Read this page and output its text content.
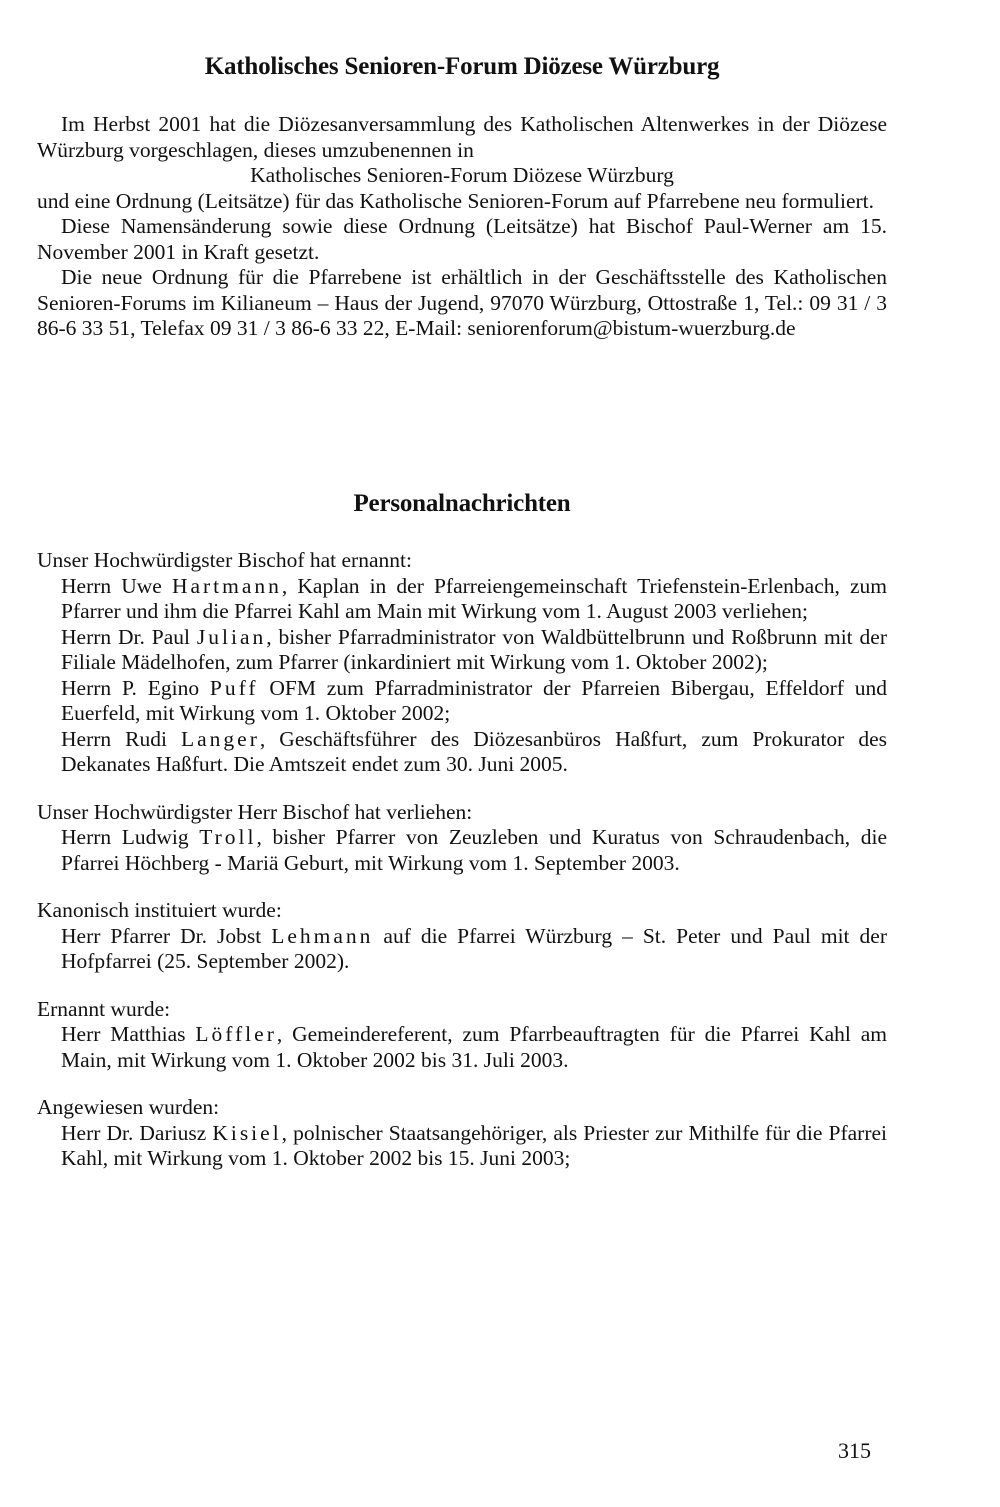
Katholisches Senioren-Forum Diözese Würzburg

Im Herbst 2001 hat die Diözesanversammlung des Katholischen Altenwerkes in der Diözese Würzburg vorgeschlagen, dieses umzubenennen in

Katholisches Senioren-Forum Diözese Würzburg

und eine Ordnung (Leitsätze) für das Katholische Senioren-Forum auf Pfarrebene neu formuliert.

Diese Namensänderung sowie diese Ordnung (Leitsätze) hat Bischof Paul-Werner am 15. November 2001 in Kraft gesetzt.

Die neue Ordnung für die Pfarrebene ist erhältlich in der Geschäftsstelle des Katholischen Senioren-Forums im Kilianeum – Haus der Jugend, 97070 Würzburg, Ottostraße 1, Tel.: 09 31 / 3 86-6 33 51, Telefax 09 31 / 3 86-6 33 22, E-Mail: seniorenforum@bistum-wuerzburg.de

Personalnachrichten

Unser Hochwürdigster Bischof hat ernannt:

Herrn Uwe Hartmann, Kaplan in der Pfarreiengemeinschaft Triefenstein-Erlenbach, zum Pfarrer und ihm die Pfarrei Kahl am Main mit Wirkung vom 1. August 2003 verliehen;

Herrn Dr. Paul Julian, bisher Pfarradministrator von Waldbüttelbrunn und Roßbrunn mit der Filiale Mädelhofen, zum Pfarrer (inkardiniert mit Wirkung vom 1. Oktober 2002);

Herrn P. Egino Puff OFM zum Pfarradministrator der Pfarreien Bibergau, Effeldorf und Euerfeld, mit Wirkung vom 1. Oktober 2002;

Herrn Rudi Langer, Geschäftsführer des Diözesanbüros Haßfurt, zum Prokurator des Dekanates Haßfurt. Die Amtszeit endet zum 30. Juni 2005.

Unser Hochwürdigster Herr Bischof hat verliehen:

Herrn Ludwig Troll, bisher Pfarrer von Zeuzleben und Kuratus von Schraudenbach, die Pfarrei Höchberg - Mariä Geburt, mit Wirkung vom 1. September 2003.

Kanonisch instituiert wurde:

Herr Pfarrer Dr. Jobst Lehmann auf die Pfarrei Würzburg – St. Peter und Paul mit der Hofpfarrei (25. September 2002).

Ernannt wurde:

Herr Matthias Löffler, Gemeindereferent, zum Pfarrbeauftragten für die Pfarrei Kahl am Main, mit Wirkung vom 1. Oktober 2002 bis 31. Juli 2003.

Angewiesen wurden:

Herr Dr. Dariusz Kisiel, polnischer Staatsangehöriger, als Priester zur Mithilfe für die Pfarrei Kahl, mit Wirkung vom 1. Oktober 2002 bis 15. Juni 2003;

315
